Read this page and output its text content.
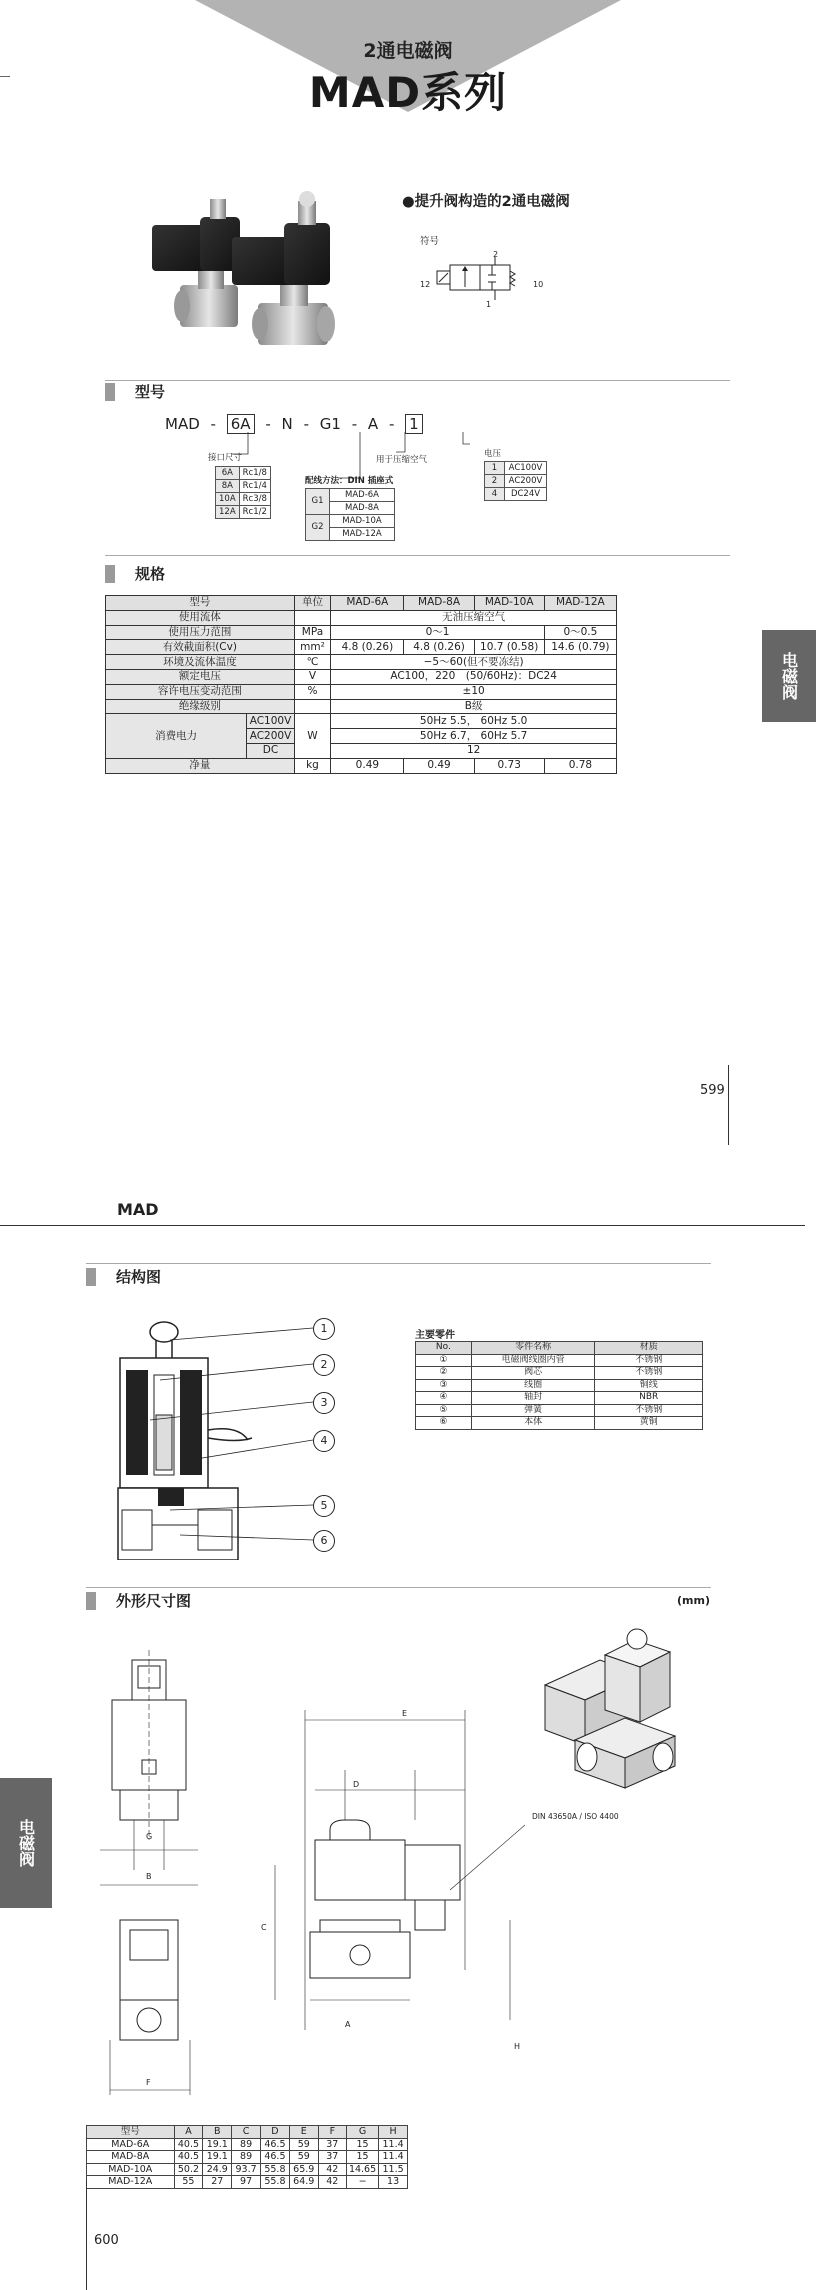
2通电磁阀
MAD系列
●提升阀构造的2通电磁阀
符号
2
1
12	10
型号
MAD - 6A - N - G1 - A - 1
接口尺寸
6A	Rc1/8
8A	Rc1/4
10A	Rc3/8
12A	Rc1/2
配线方法：DIN 插座式
G1	MAD-6A
	MAD-8A
G2	MAD-10A
	MAD-12A
用于压缩空气
电压
1	AC100V
2	AC200V
4	DC24V
规格
型号		单位	MAD-6A	MAD-8A	MAD-10A	MAD-12A
使用流体			无油压缩空气			
使用压力范围		MPa	0～1			0～0.5
有效截面积(Cv)		mm²	4.8 (0.26)	4.8 (0.26)	10.7 (0.58)	14.6 (0.79)
环境及流体温度		℃	−5～60(但不要冻结)			
额定电压		V	AC100，220　(50/60Hz)：DC24			
容许电压变动范围		%	±10			
绝缘级别			B级			
消费电力	AC100V	W	50Hz 5.5， 60Hz 5.0			
	AC200V		50Hz 6.7， 60Hz 5.7			
	DC		12			
净量		kg	0.49	0.49	0.73	0.78
电磁阀
599
MAD
结构图
1
2
3
4
5
6
主要零件
No.	零件名称	材质
①	电磁阀线圈内管	不锈钢
②	阀芯	不锈钢
③	线圈	铜线
④	轴封	NBR
⑤	弹簧	不锈钢
⑥	本体	黄铜
外形尺寸图	(mm)
G
B
F
E
D
C
A
H
DIN 43650A / ISO 4400
型号	A	B	C	D	E	F	G	H
MAD-6A	40.5	19.1	89	46.5	59	37	15	11.4
MAD-8A	40.5	19.1	89	46.5	59	37	15	11.4
MAD-10A	50.2	24.9	93.7	55.8	65.9	42	14.65	11.5
MAD-12A	55	27	97	55.8	64.9	42	−	13
电磁阀
600
